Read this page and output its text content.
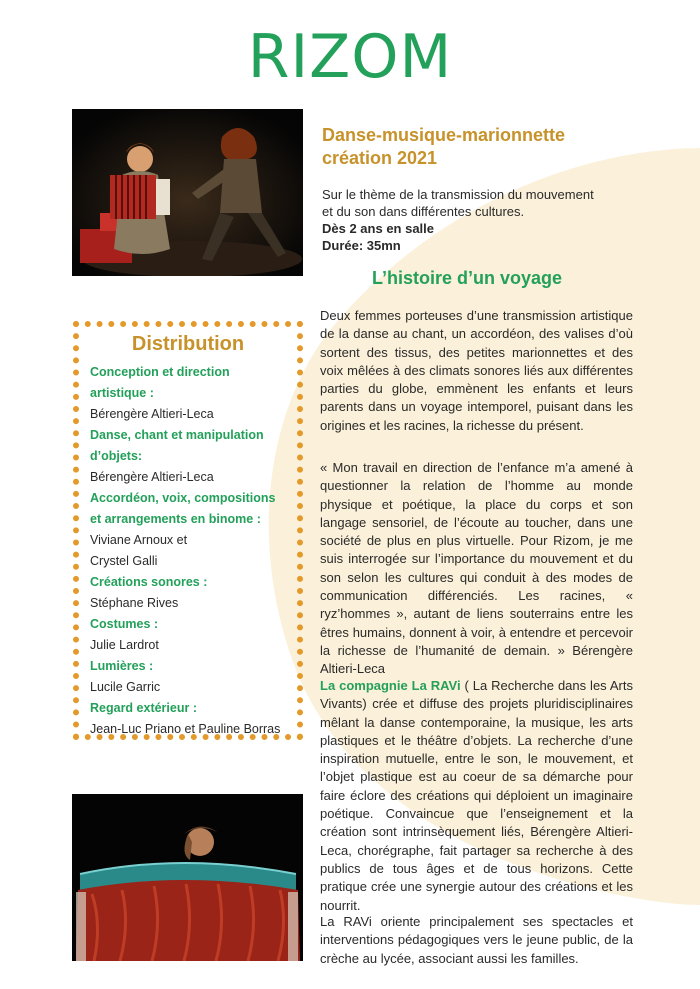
RIZOM
Danse-musique-marionnette
création 2021
Sur le thème de la transmission du mouvement
et du son dans différentes cultures.
Dès 2 ans en salle
Durée: 35mn
L’histoire d’un voyage

Deux femmes porteuses d’une transmission artistique de la danse au chant, un accordéon, des valises d’où sortent des tissus, des petites marionnettes et des voix mêlées à des climats sonores liés aux différentes parties du globe, emmènent les enfants et leurs parents dans un voyage intemporel, puisant dans les origines et les racines, la richesse du présent.

« Mon travail en direction de l’enfance m’a amené à questionner la relation de l’homme au monde physique et poétique, la place du corps et son langage sensoriel, de l’écoute au toucher, dans une société de plus en plus virtuelle. Pour Rizom, je me suis interrogée sur l’importance du mouvement et du son selon les cultures qui conduit à des modes de communication différenciés. Les racines, « ryz’hommes », autant de liens souterrains entre les êtres humains, donnent à voir, à entendre et percevoir la richesse de l’humanité de demain. » Bérengère Altieri-Leca

La compagnie La RAVi ( La Recherche dans les Arts Vivants) crée et diffuse des projets pluridisciplinaires mêlant la danse contemporaine, la musique, les arts plastiques et le théâtre d’objets. La recherche d’une inspiration mutuelle, entre le son, le mouvement, et l’objet plastique est au coeur de sa démarche pour faire éclore des créations qui déploient un imaginaire poétique. Convaincue que l’enseignement et la création sont intrinsèquement liés, Bérengère Altieri-Leca, chorégraphe, fait partager sa recherche à des publics de tous âges et de tous horizons. Cette pratique crée une synergie autour des créations et les nourrit.

La RAVi oriente principalement ses spectacles et interventions pédagogiques vers le jeune public, de la crèche au lycée, associant aussi les familles.

Distribution
Conception et direction
artistique :
Bérengère Altieri-Leca
Danse, chant et manipulation
d’objets:
Bérengère Altieri-Leca
Accordéon, voix, compositions
et arrangements en binome :
Viviane Arnoux et
Crystel Galli
Créations sonores :
Stéphane Rives
Costumes :
Julie Lardrot
Lumières :
Lucile Garric
Regard extérieur :
Jean-Luc Priano et Pauline Borras
